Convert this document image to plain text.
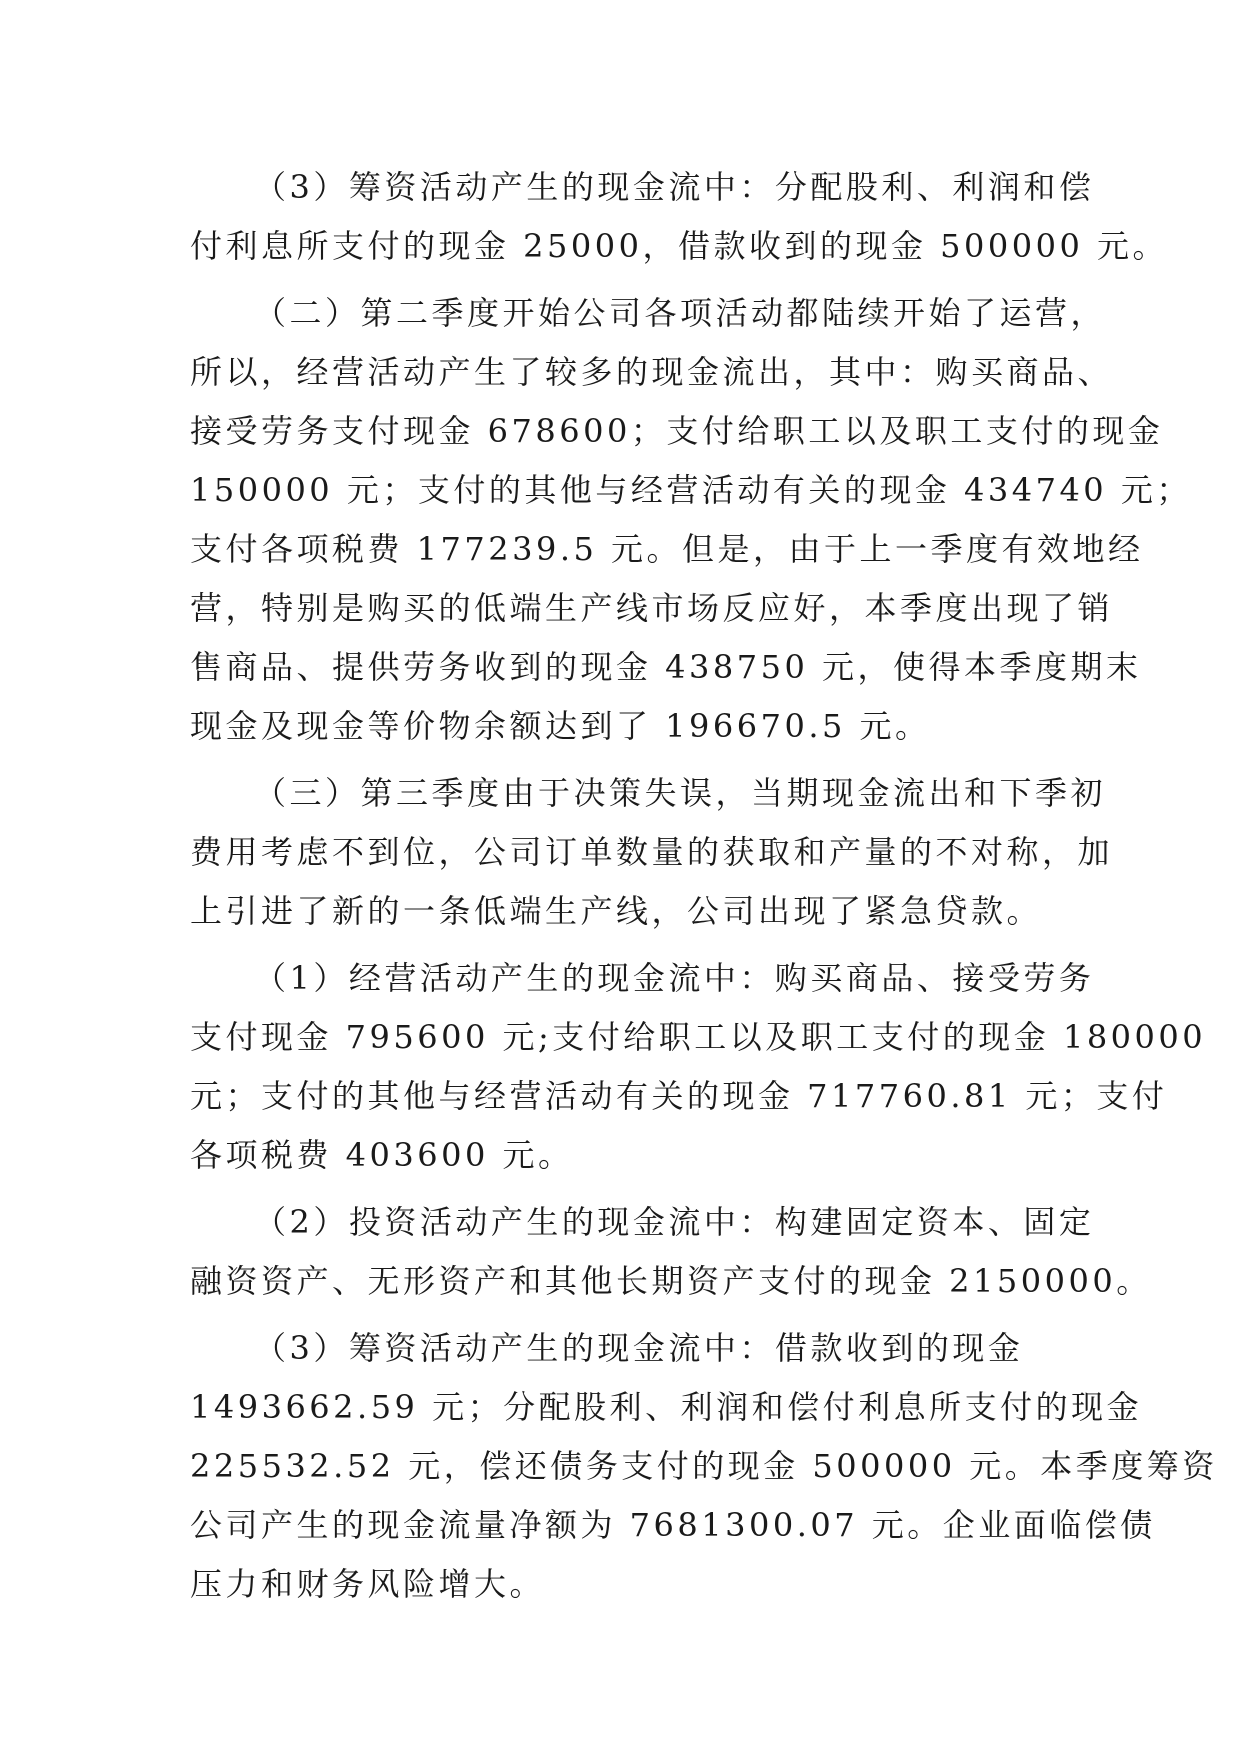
（3）筹资活动产生的现金流中：分配股利、利润和偿
付利息所支付的现金 25000，借款收到的现金 500000 元。
（二）第二季度开始公司各项活动都陆续开始了运营，
所以，经营活动产生了较多的现金流出，其中：购买商品、
接受劳务支付现金 678600；支付给职工以及职工支付的现金
150000 元；支付的其他与经营活动有关的现金 434740 元；
支付各项税费 177239.5 元。但是，由于上一季度有效地经
营，特别是购买的低端生产线市场反应好，本季度出现了销
售商品、提供劳务收到的现金 438750 元，使得本季度期末
现金及现金等价物余额达到了 196670.5 元。
（三）第三季度由于决策失误，当期现金流出和下季初
费用考虑不到位，公司订单数量的获取和产量的不对称，加
上引进了新的一条低端生产线，公司出现了紧急贷款。
（1）经营活动产生的现金流中：购买商品、接受劳务
支付现金 795600 元;支付给职工以及职工支付的现金 180000
元；支付的其他与经营活动有关的现金 717760.81 元；支付
各项税费 403600 元。
（2）投资活动产生的现金流中：构建固定资本、固定
融资资产、无形资产和其他长期资产支付的现金 2150000。
（3）筹资活动产生的现金流中：借款收到的现金
1493662.59 元；分配股利、利润和偿付利息所支付的现金
225532.52 元，偿还债务支付的现金 500000 元。本季度筹资
公司产生的现金流量净额为 7681300.07 元。企业面临偿债
压力和财务风险增大。
